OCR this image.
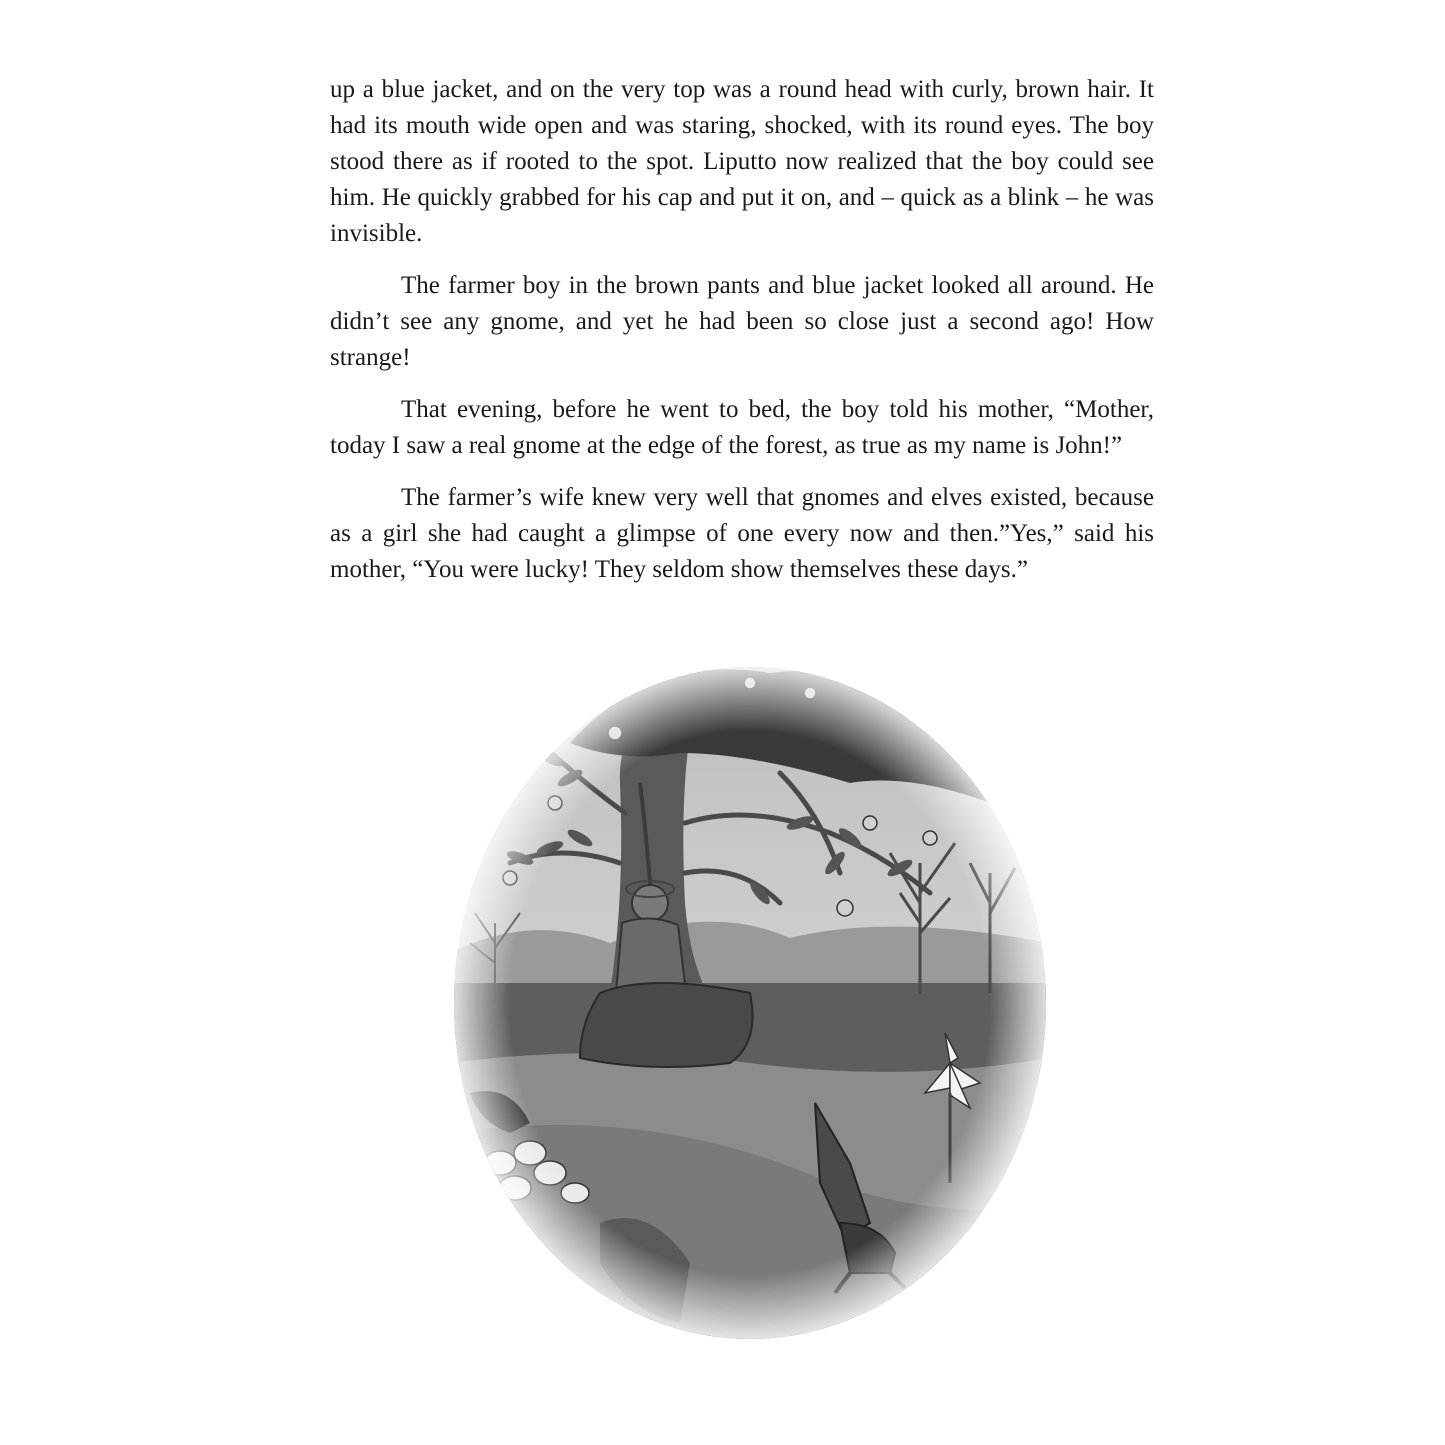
up a blue jacket, and on the very top was a round head with curly, brown hair. It had its mouth wide open and was staring, shocked, with its round eyes. The boy stood there as if rooted to the spot. Liputto now realized that the boy could see him. He quickly grabbed for his cap and put it on, and – quick as a blink – he was invisible.

The farmer boy in the brown pants and blue jacket looked all around. He didn’t see any gnome, and yet he had been so close just a second ago! How strange!

That evening, before he went to bed, the boy told his mother, “Mother, today I saw a real gnome at the edge of the forest, as true as my name is John!”

The farmer’s wife knew very well that gnomes and elves existed, because as a girl she had caught a glimpse of one every now and then.”Yes,” said his mother, “You were lucky! They seldom show themselves these days.”
